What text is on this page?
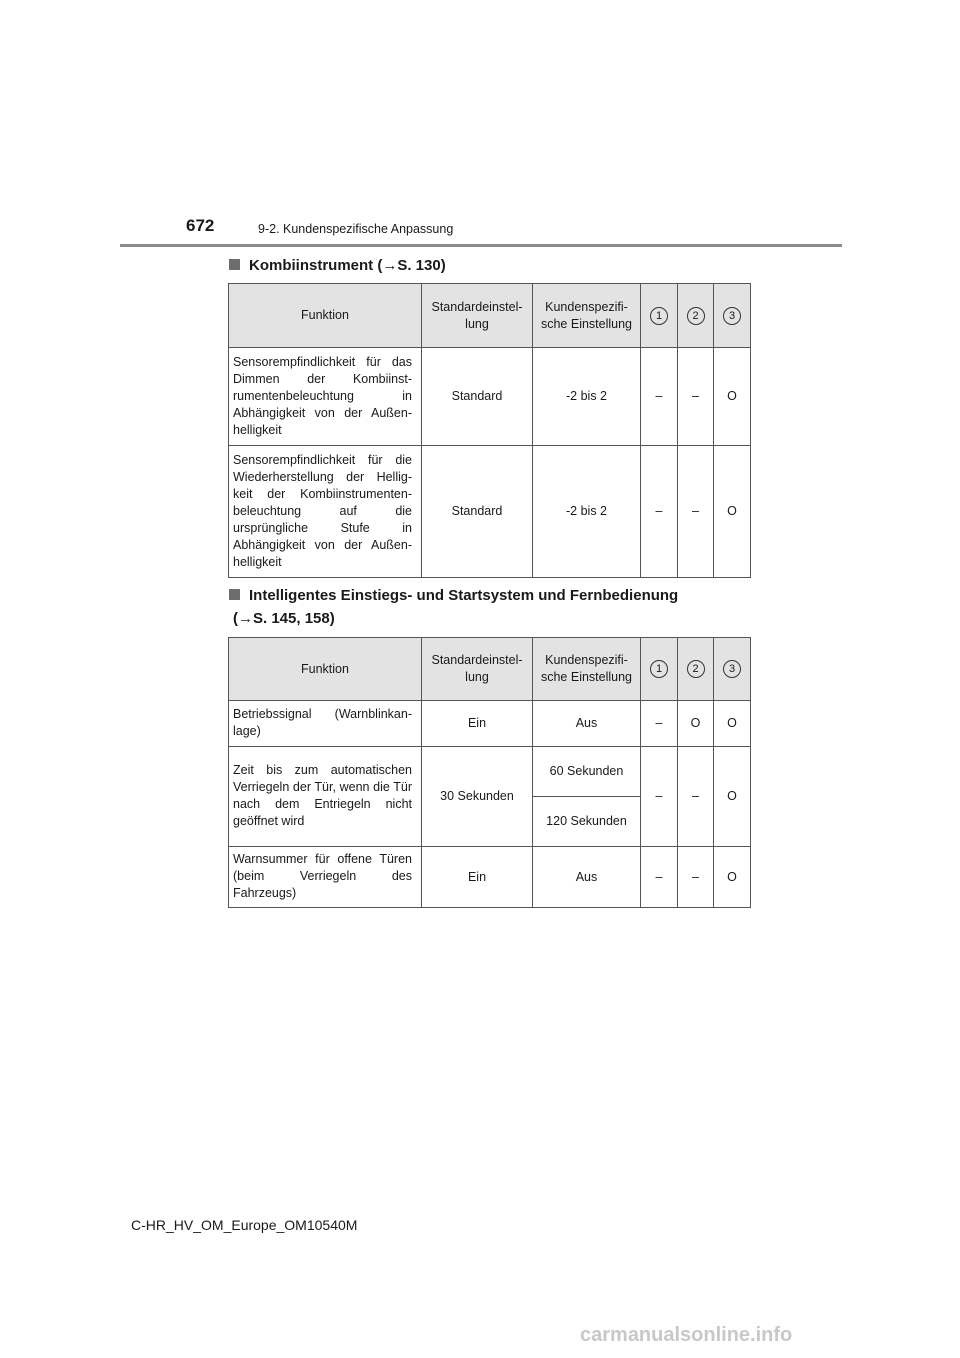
672	9-2. Kundenspezifische Anpassung
Kombiinstrument (→S. 130)
Funktion	Standardeinstel-lung	Kundenspezifi-sche Einstellung	1	2	3
Sensorempfindlichkeit für das Dimmen der Kombiinst-rumentenbeleuchtung in Abhängigkeit von der Außen-helligkeit	Standard	-2 bis 2	–	–	O
Sensorempfindlichkeit für die Wiederherstellung der Hellig-keit der Kombiinstrumenten-beleuchtung auf die ursprüngliche Stufe in Abhängigkeit von der Außen-helligkeit	Standard	-2 bis 2	–	–	O
Intelligentes Einstiegs- und Startsystem und Fernbedienung
(→S. 145, 158)
Funktion	Standardeinstel-lung	Kundenspezifi-sche Einstellung	1	2	3
Betriebssignal (Warnblinkan-lage)	Ein	Aus	–	O	O
Zeit bis zum automatischen Verriegeln der Tür, wenn die Tür nach dem Entriegeln nicht geöffnet wird	30 Sekunden	60 Sekunden	–	–	O
		120 Sekunden			
Warnsummer für offene Türen (beim Verriegeln des Fahrzeugs)	Ein	Aus	–	–	O
C-HR_HV_OM_Europe_OM10540M
carmanualsonline.info
